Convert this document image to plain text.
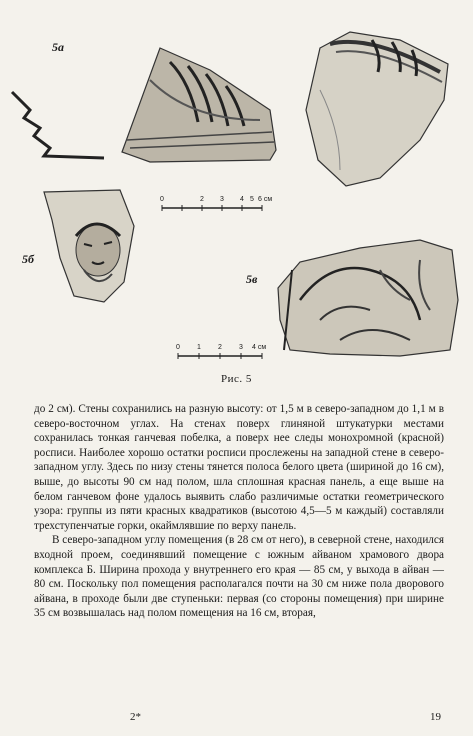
5а
5б
5в
0	2 3 4 5 6 см
0 1 2 3 4 см
Рис. 5

до 2 см). Стены сохранились на разную высоту: от 1,5 м в северо-западном до 1,1 м в северо-восточном углах. На стенах поверх глиняной штукатурки местами сохранилась тонкая ганчевая побелка, а поверх нее следы монохромной (красной) росписи. Наиболее хорошо остатки росписи прослежены на западной стене в северо-западном углу. Здесь по низу стены тянется полоса белого цвета (шириной до 16 см), выше, до высоты 90 см над полом, шла сплошная красная панель, а еще выше на белом ганчевом фоне удалось выявить слабо различимые остатки геометрического узора: группы из пяти красных квадратиков (высотою 4,5—5 м каждый) составляли трехступенчатые горки, окаймлявшие по верху панель.

В северо-западном углу помещения (в 28 см от него), в северной стене, находился входной проем, соединявший помещение с южным айваном храмового двора комплекса Б. Ширина прохода у внутреннего его края — 85 см, у выхода в айван — 80 см. Поскольку пол помещения располагался почти на 30 см ниже пола дворового айвана, в проходе были две ступеньки: первая (со стороны помещения) при ширине 35 см возвышалась над полом помещения на 16 см, вторая,

2*	19
